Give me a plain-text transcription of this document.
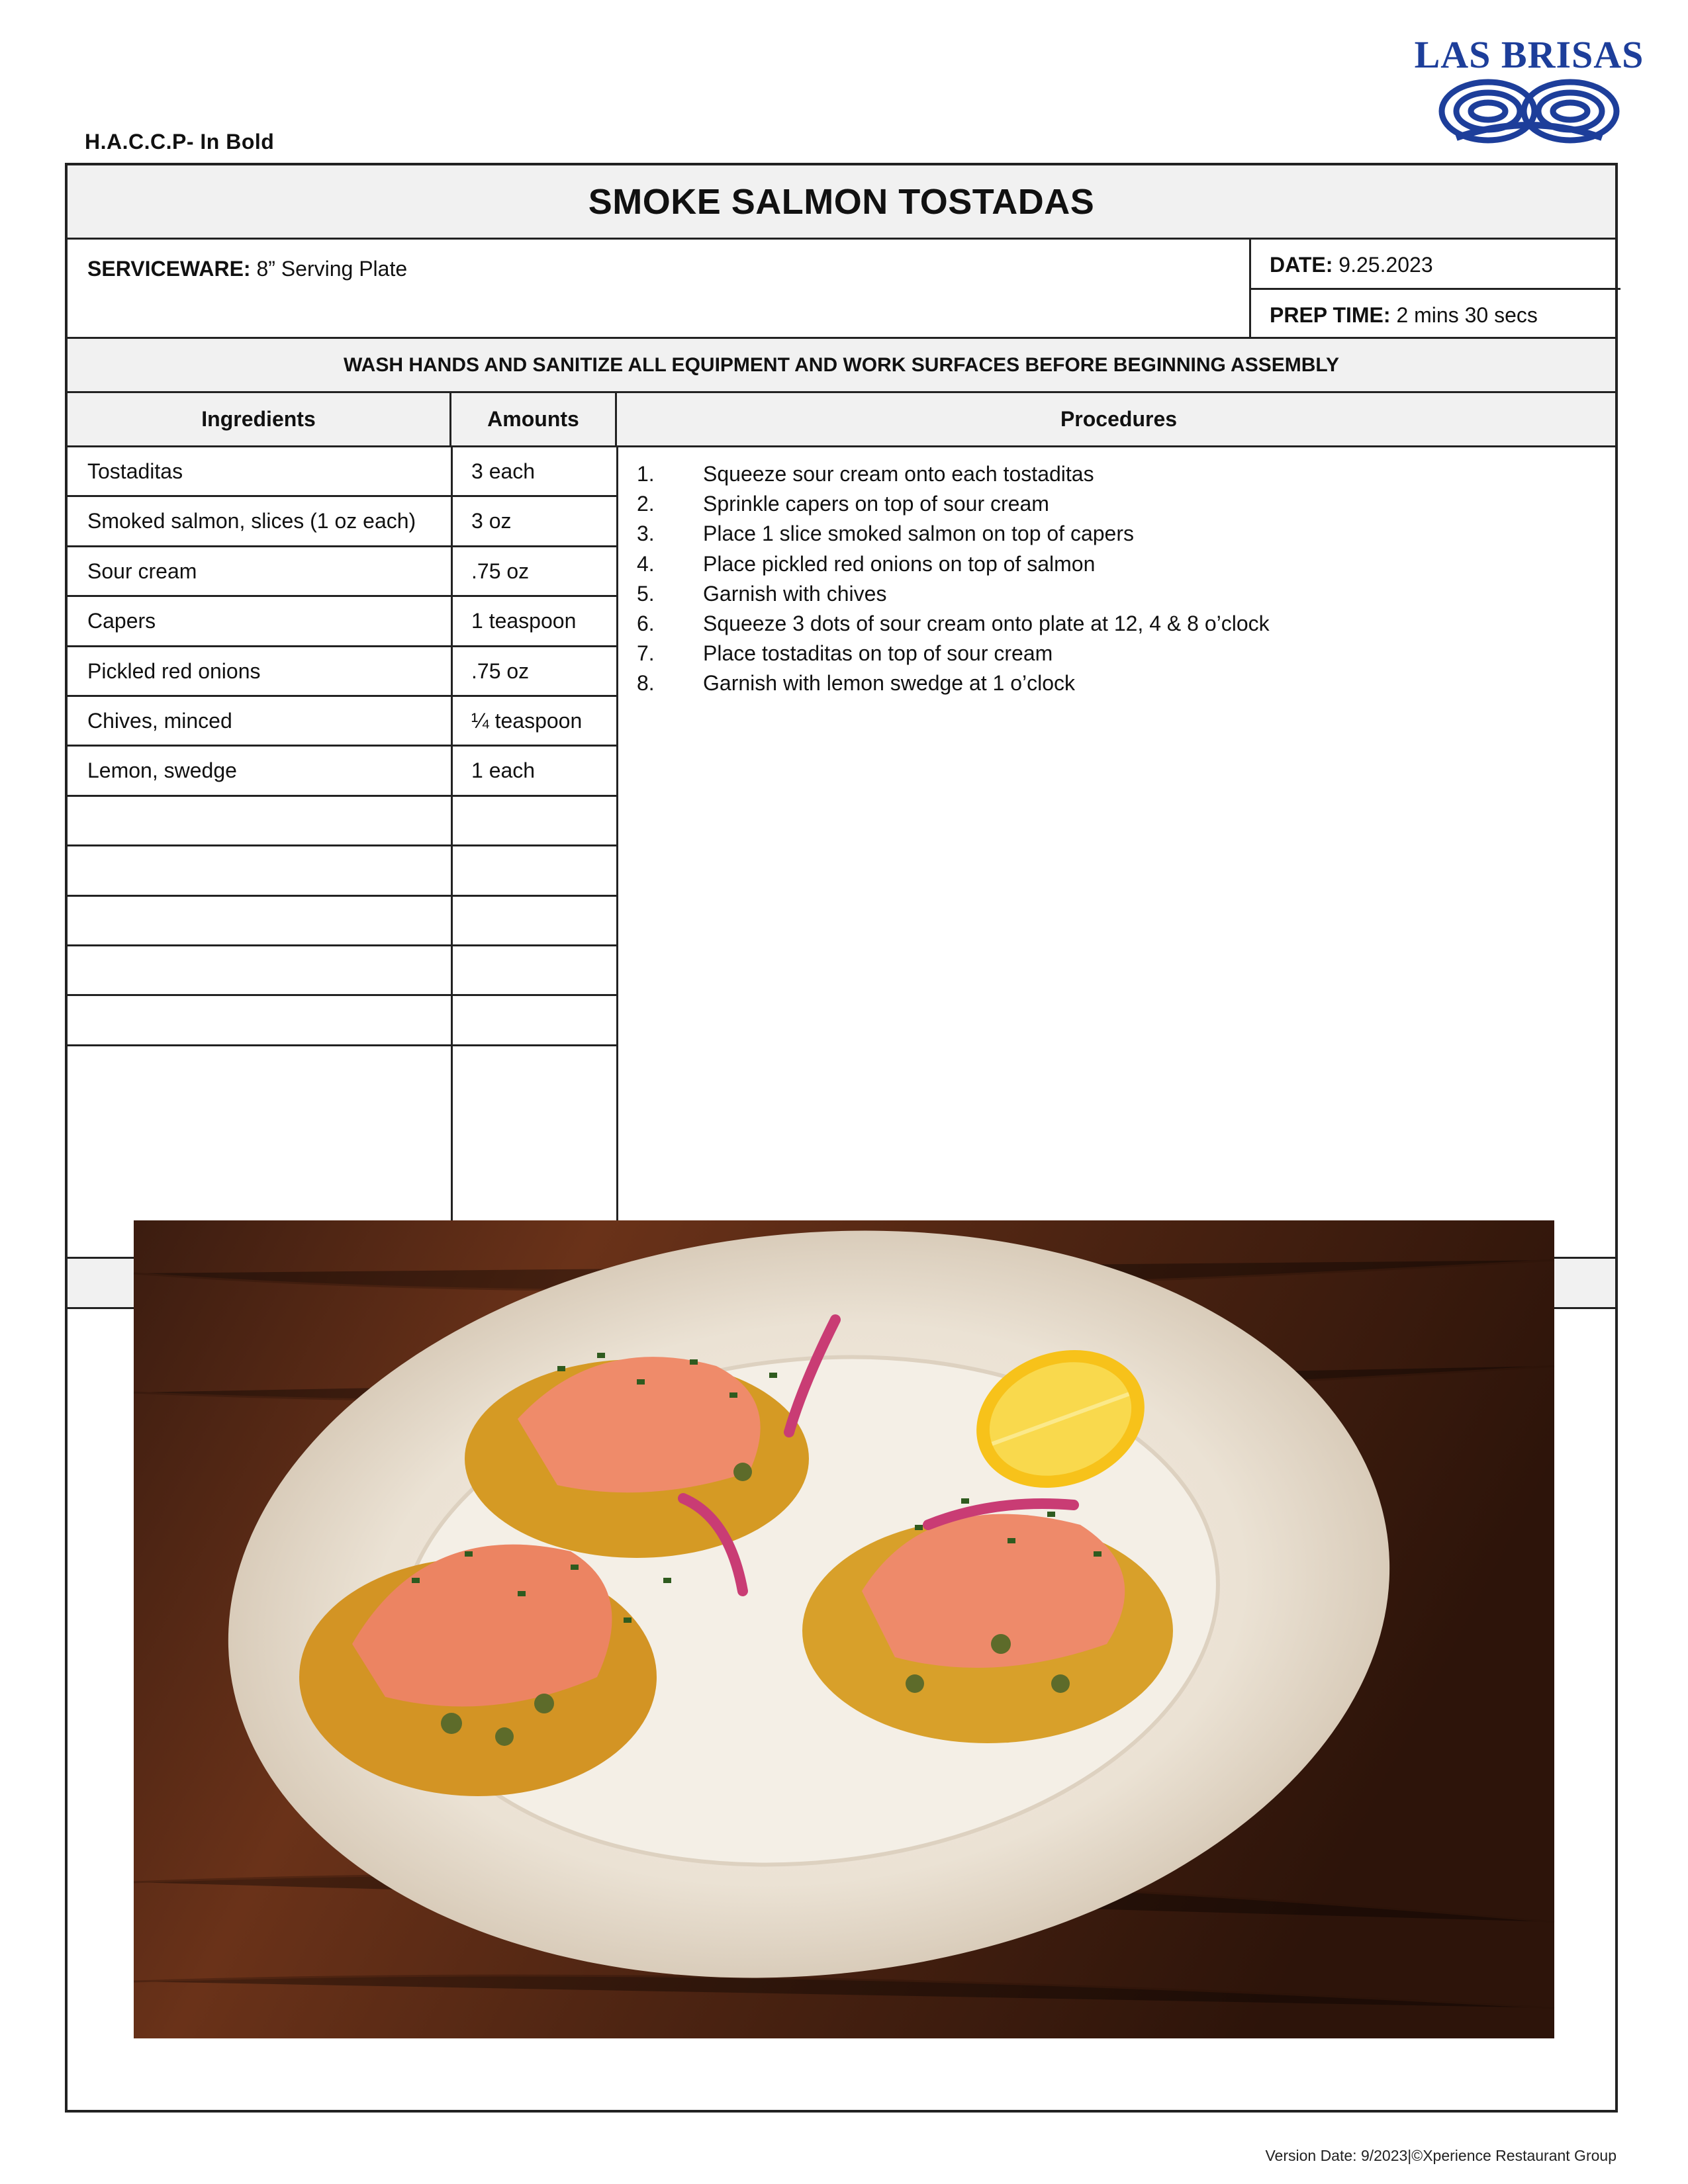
H.A.C.C.P- In Bold
LAS BRISAS
SMOKE SALMON TOSTADAS
SERVICEWARE: 8” Serving Plate	DATE: 9.25.2023
PREP TIME: 2 mins 30 secs
WASH HANDS AND SANITIZE ALL EQUIPMENT AND WORK SURFACES BEFORE BEGINNING ASSEMBLY
Ingredients	Amounts	Procedures
Tostaditas	3 each
Smoked salmon, slices (1 oz each)	3 oz
Sour cream	.75 oz
Capers	1 teaspoon
Pickled red onions	.75 oz
Chives, minced	¼ teaspoon
Lemon, swedge	1 each
1. Squeeze sour cream onto each tostaditas
2. Sprinkle capers on top of sour cream
3. Place 1 slice smoked salmon on top of capers
4. Place pickled red onions on top of salmon
5. Garnish with chives
6. Squeeze 3 dots of sour cream onto plate at 12, 4 & 8 o’clock
7. Place tostaditas on top of sour cream
8. Garnish with lemon swedge at 1 o’clock
Version Date: 9/2023|©Xperience Restaurant Group
